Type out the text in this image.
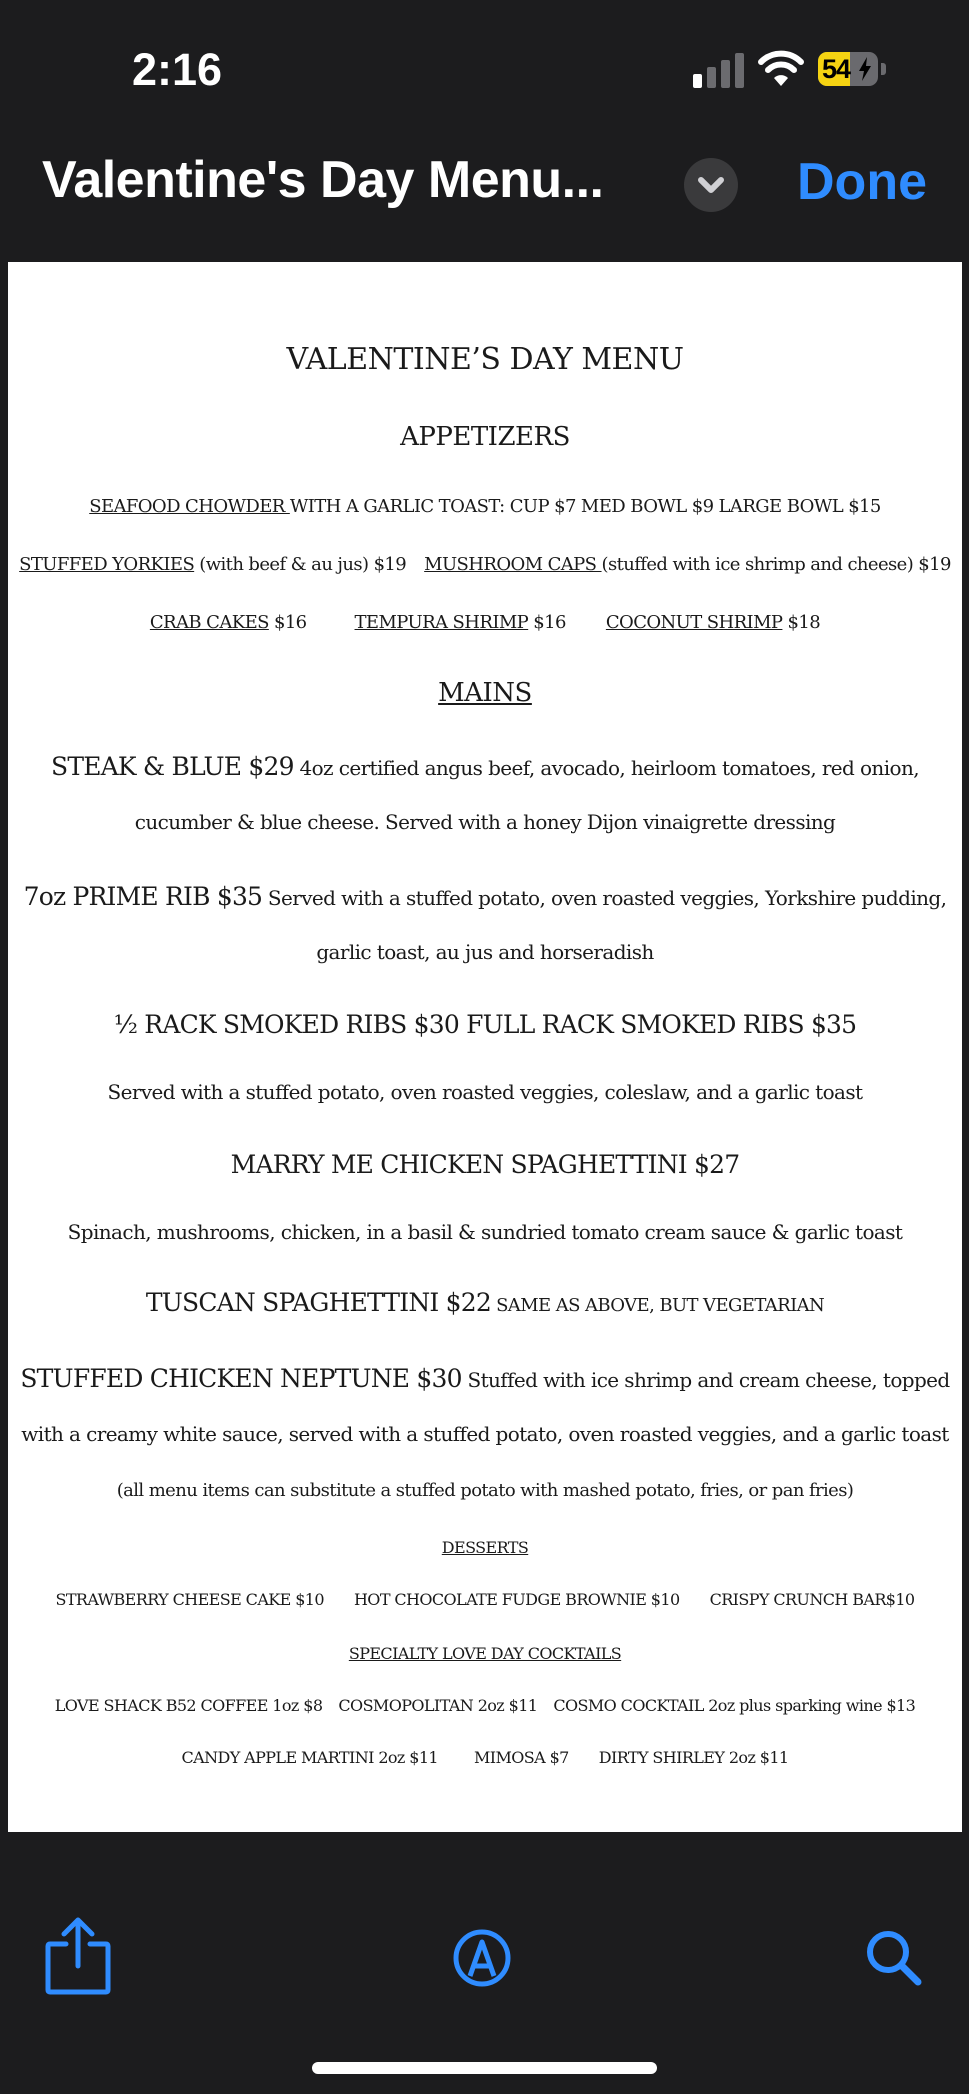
2:16	54
Valentine's Day Menu...	Done
VALENTINE’S DAY MENU
APPETIZERS
SEAFOOD CHOWDER WITH A GARLIC TOAST: CUP $7 MED BOWL $9 LARGE BOWL $15
STUFFED YORKIES (with beef & au jus) $19 MUSHROOM CAPS (stuffed with ice shrimp and cheese) $19
CRAB CAKES $16	TEMPURA SHRIMP $16 COCONUT SHRIMP $18
MAINS
STEAK & BLUE $29 4oz certified angus beef, avocado, heirloom tomatoes, red onion,
cucumber & blue cheese. Served with a honey Dijon vinaigrette dressing
7oz PRIME RIB $35 Served with a stuffed potato, oven roasted veggies, Yorkshire pudding,
garlic toast, au jus and horseradish
½ RACK SMOKED RIBS $30 FULL RACK SMOKED RIBS $35
Served with a stuffed potato, oven roasted veggies, coleslaw, and a garlic toast
MARRY ME CHICKEN SPAGHETTINI $27
Spinach, mushrooms, chicken, in a basil & sundried tomato cream sauce & garlic toast
TUSCAN SPAGHETTINI $22 SAME AS ABOVE, BUT VEGETARIAN
STUFFED CHICKEN NEPTUNE $30 Stuffed with ice shrimp and cream cheese, topped
with a creamy white sauce, served with a stuffed potato, oven roasted veggies, and a garlic toast
(all menu items can substitute a stuffed potato with mashed potato, fries, or pan fries)
DESSERTS
STRAWBERRY CHEESE CAKE $10 HOT CHOCOLATE FUDGE BROWNIE $10 CRISPY CRUNCH BAR$10
SPECIALTY LOVE DAY COCKTAILS
LOVE SHACK B52 COFFEE 1oz $8 COSMOPOLITAN 2oz $11 COSMO COCKTAIL 2oz plus sparking wine $13
CANDY APPLE MARTINI 2oz $11 MIMOSA $7 DIRTY SHIRLEY 2oz $11
